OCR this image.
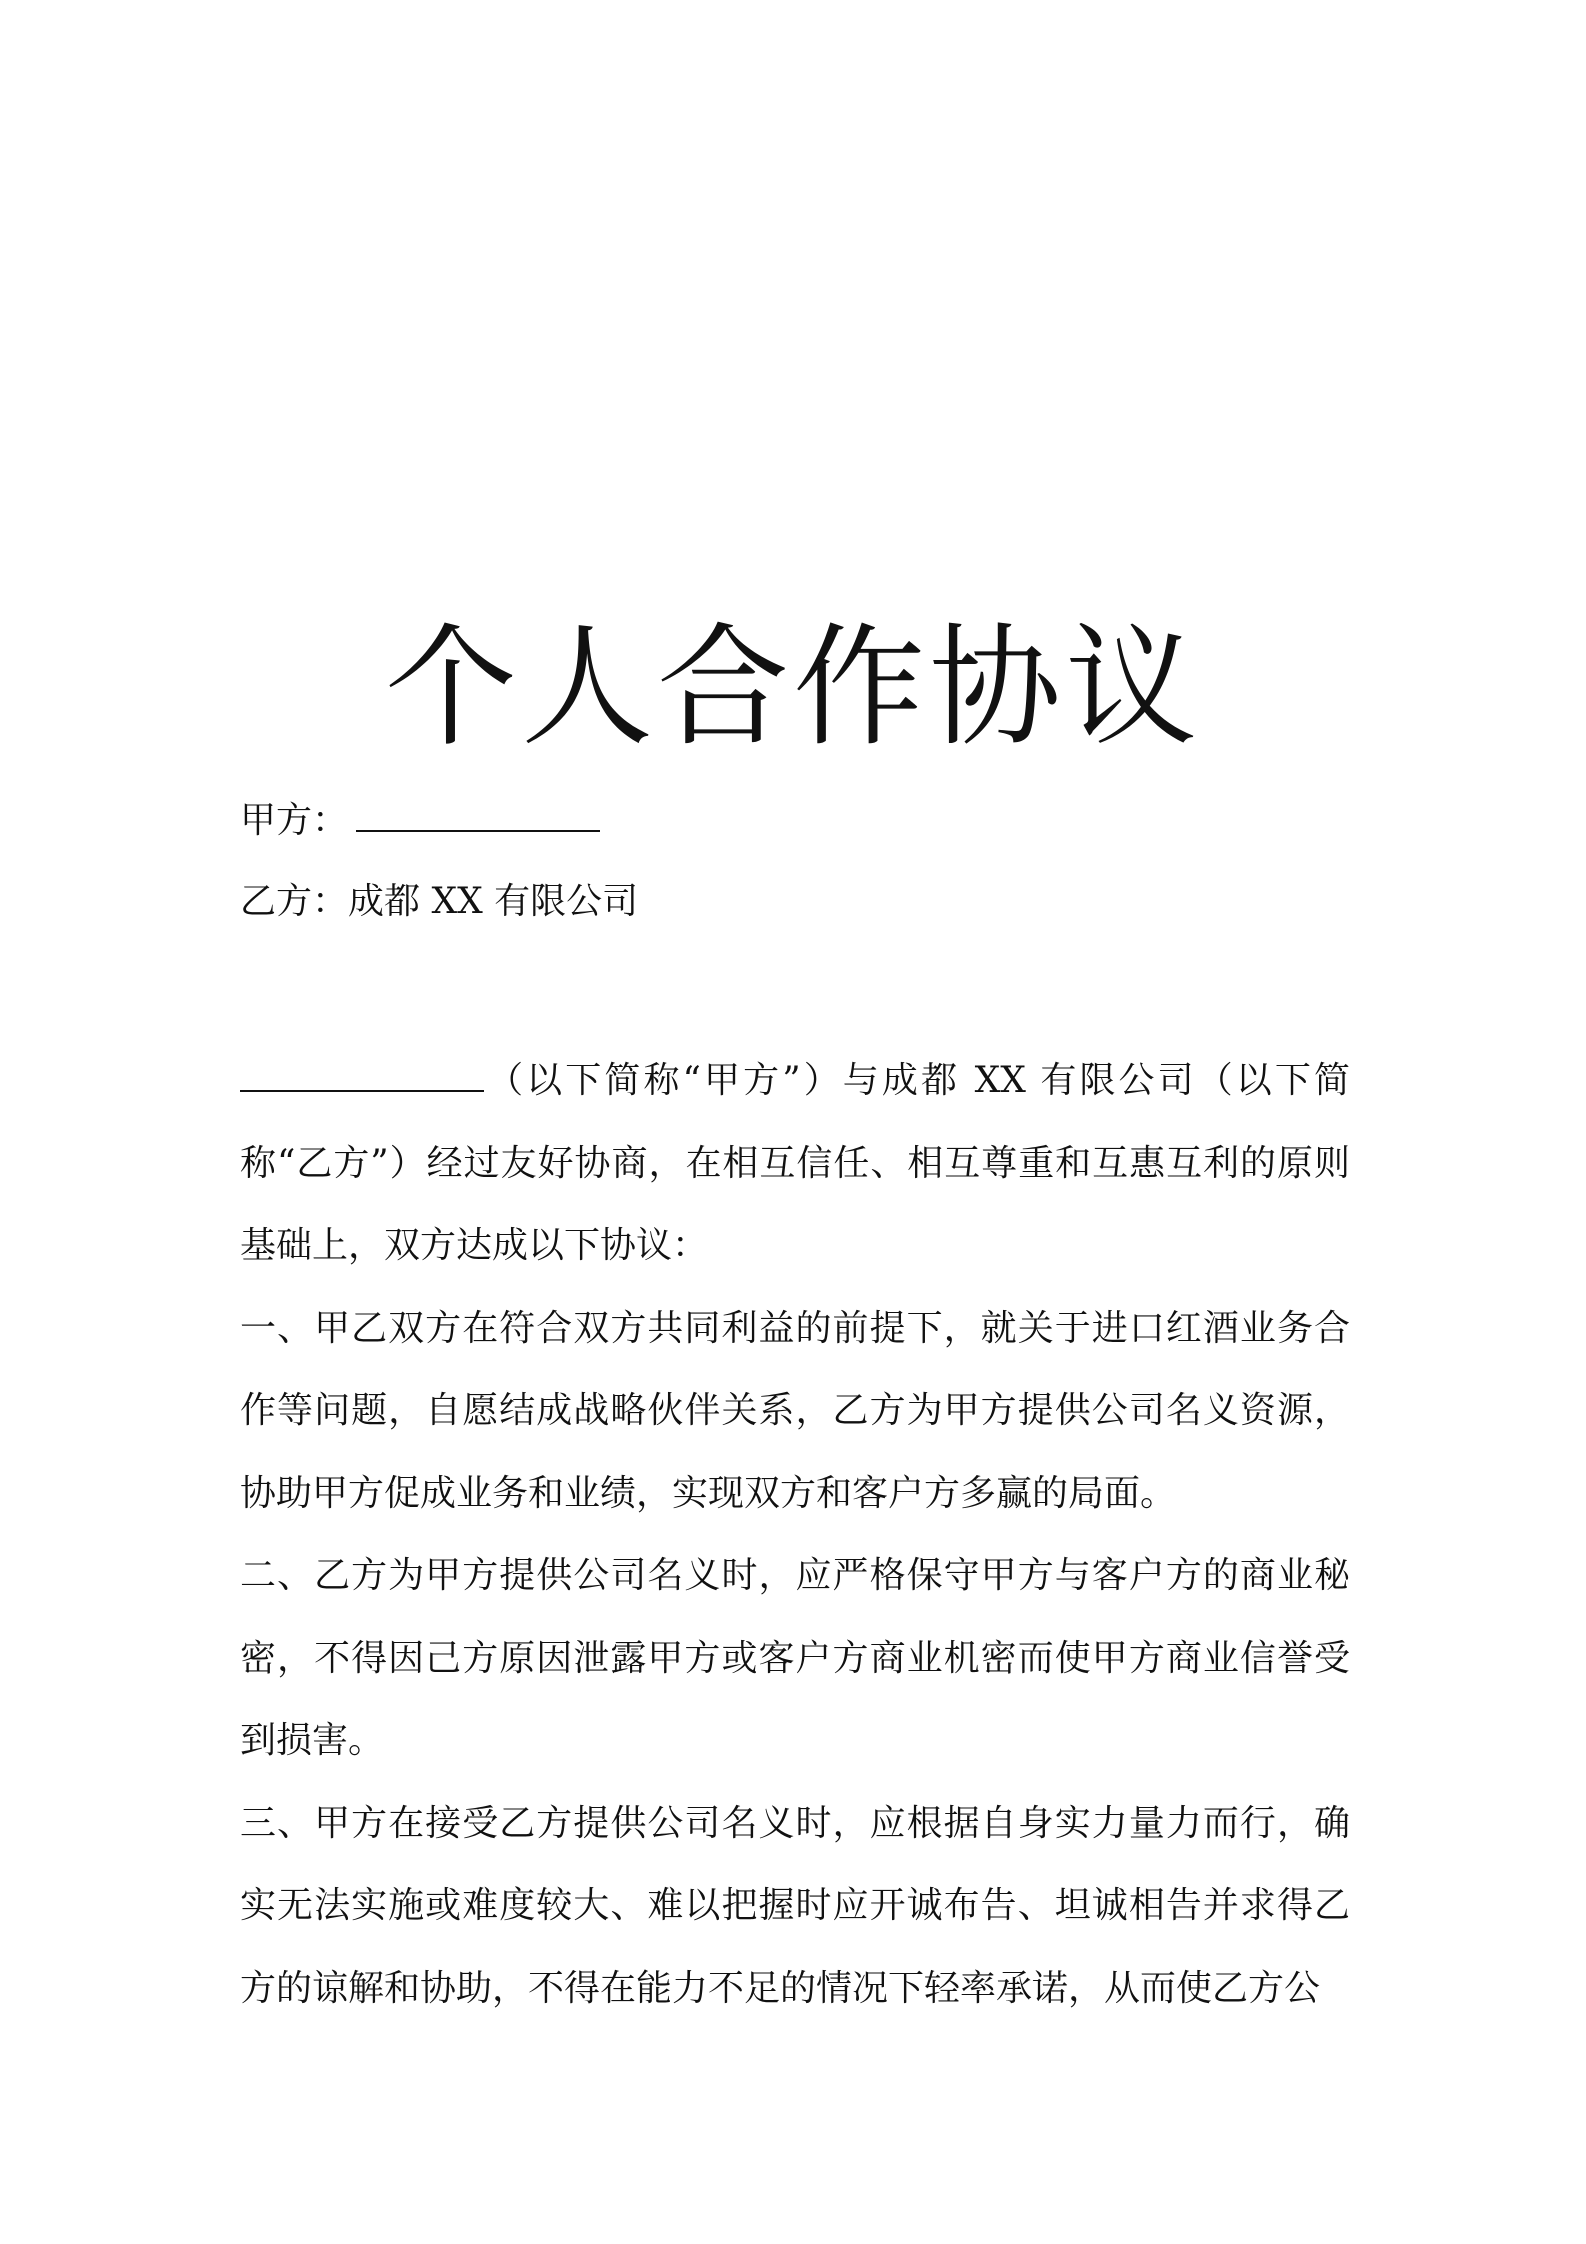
个人合作协议
甲方：
乙方：成都 XX 有限公司

（以下简称“甲方”）与成都 XX 有限公司（以下简称“乙方”）经过友好协商，在相互信任、相互尊重和互惠互利的原则基础上，双方达成以下协议：

一、甲乙双方在符合双方共同利益的前提下，就关于进口红酒业务合作等问题，自愿结成战略伙伴关系，乙方为甲方提供公司名义资源，协助甲方促成业务和业绩，实现双方和客户方多赢的局面。

二、乙方为甲方提供公司名义时，应严格保守甲方与客户方的商业秘密，不得因己方原因泄露甲方或客户方商业机密而使甲方商业信誉受到损害。

三、甲方在接受乙方提供公司名义时，应根据自身实力量力而行，确实无法实施或难度较大、难以把握时应开诚布告、坦诚相告并求得乙方的谅解和协助，不得在能力不足的情况下轻率承诺，从而使乙方公
